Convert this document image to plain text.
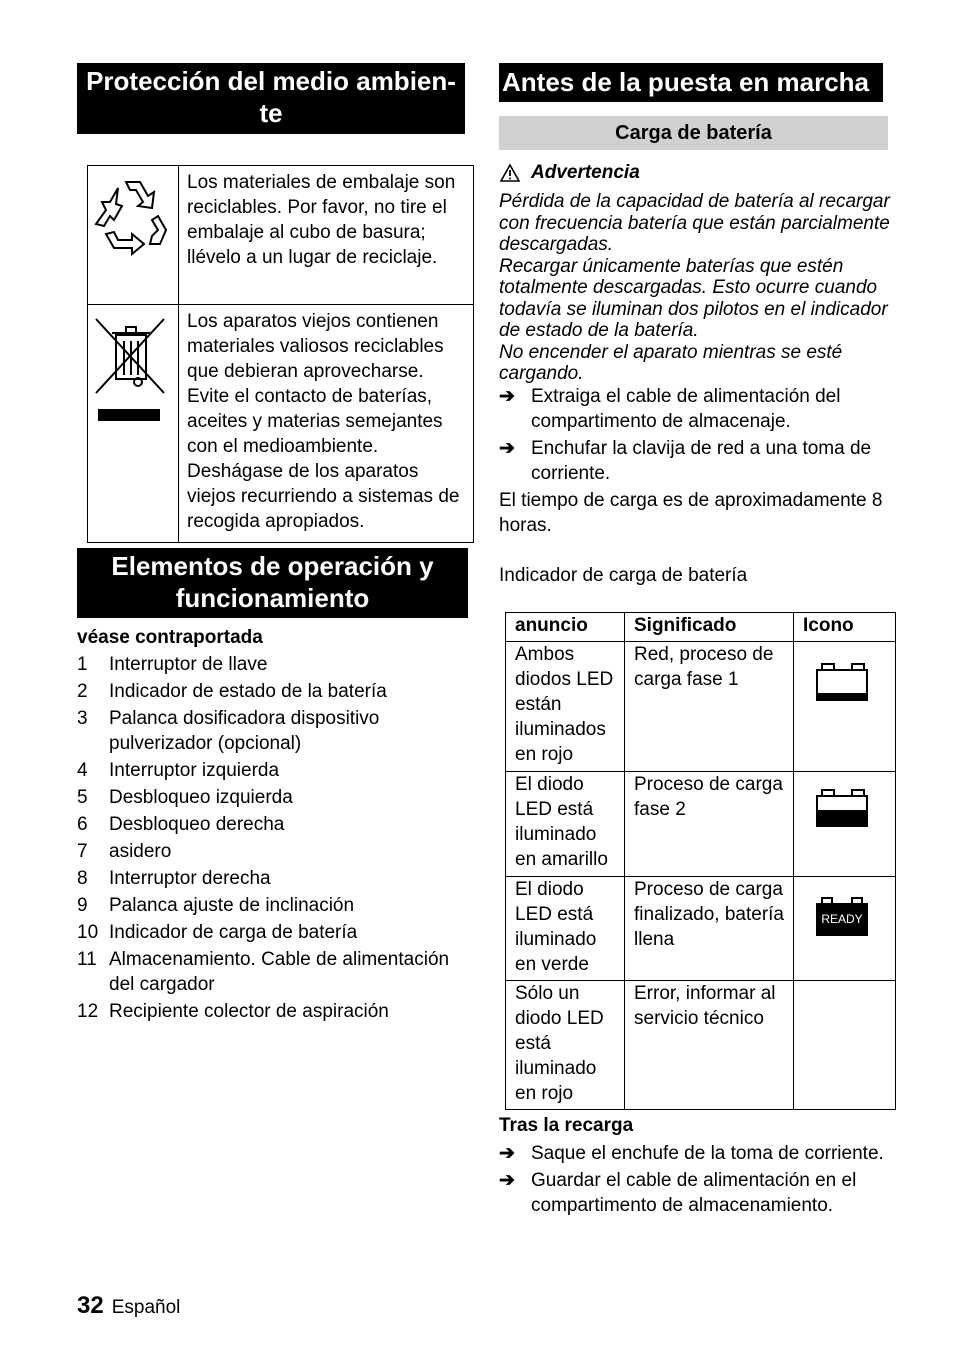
Protección del medio ambien-
te
	Los materiales de embalaje son reciclables. Por favor, no tire el embalaje al cubo de basura; llévelo a un lugar de reciclaje.
	Los aparatos viejos contienen materiales valiosos reciclables que debieran aprovecharse. Evite el contacto de baterías, aceites y materias semejantes con el medioambiente. Deshágase de los aparatos viejos recurriendo a sistemas de recogida apropiados.
Elementos de operación y
funcionamiento
véase contraportada
1	Interruptor de llave
2	Indicador de estado de la batería
3	Palanca dosificadora dispositivo pulverizador (opcional)
4	Interruptor izquierda
5	Desbloqueo izquierda
6	Desbloqueo derecha
7	asidero
8	Interruptor derecha
9	Palanca ajuste de inclinación
10 Indicador de carga de batería
11 Almacenamiento. Cable de alimentación del cargador
12 Recipiente colector de aspiración
Antes de la puesta en marcha
Carga de batería
Advertencia
Pérdida de la capacidad de batería al recargar con frecuencia batería que están parcialmente descargadas.
Recargar únicamente baterías que estén totalmente descargadas. Esto ocurre cuando todavía se iluminan dos pilotos en el indicador de estado de la batería.
No encender el aparato mientras se esté cargando.
➔ Extraiga el cable de alimentación del compartimento de almacenaje.
➔ Enchufar la clavija de red a una toma de corriente.
El tiempo de carga es de aproximadamente 8 horas.
Indicador de carga de batería
anuncio	Significado	Icono
Ambos diodos LED están iluminados en rojo	Red, proceso de carga fase 1	
El diodo LED está iluminado en amarillo	Proceso de carga fase 2	
El diodo LED está iluminado en verde	Proceso de carga finalizado, batería llena	READY

Sólo un diodo LED está iluminado en rojo	Error, informar al servicio técnico	
Tras la recarga
➔ Saque el enchufe de la toma de corriente.
➔ Guardar el cable de alimentación en el compartimento de almacenamiento.
32 Español
